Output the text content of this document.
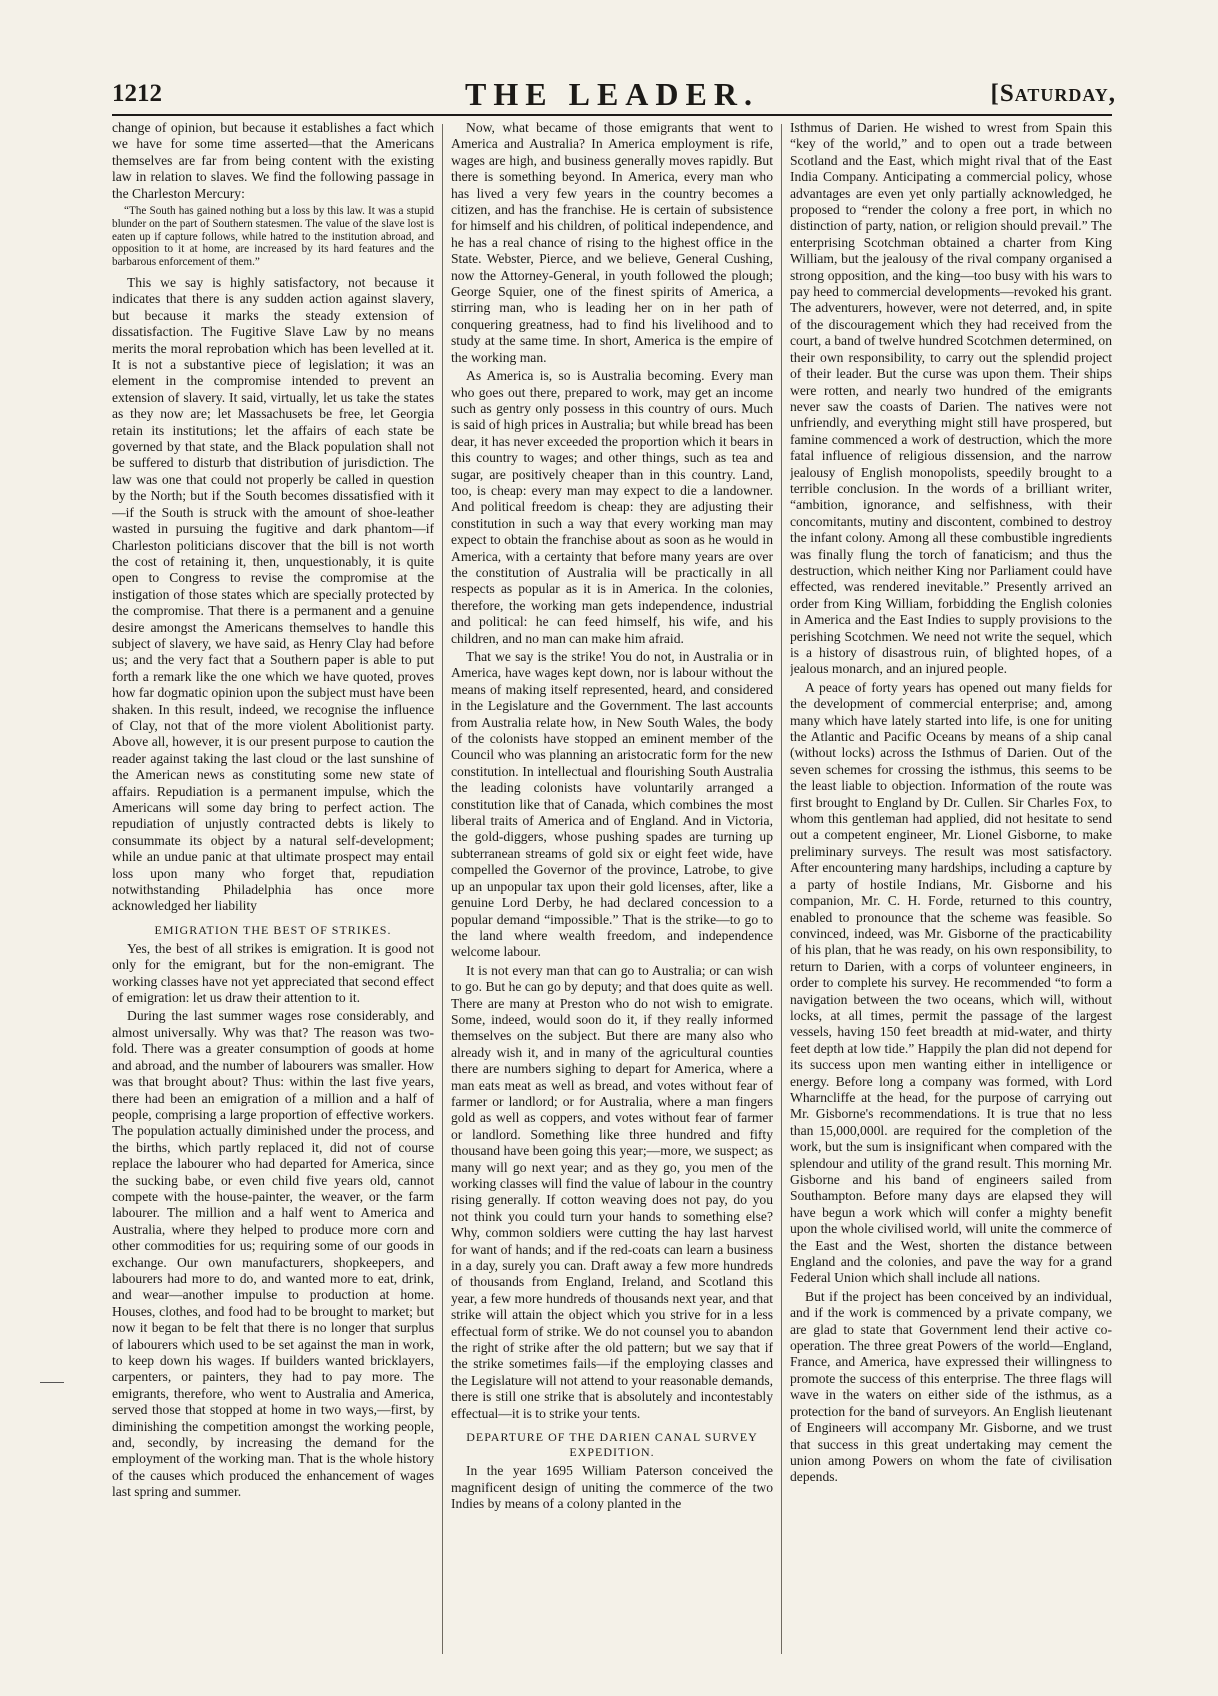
1212	THE LEADER.	[Saturday,

change of opinion, but because it establishes a fact which we have for some time asserted—that the Americans themselves are far from being content with the existing law in relation to slaves. We find the following passage in the Charleston Mercury:

“The South has gained nothing but a loss by this law. It was a stupid blunder on the part of Southern statesmen. The value of the slave lost is eaten up if capture follows, while hatred to the institution abroad, and opposition to it at home, are increased by its hard features and the barbarous enforcement of them.”

This we say is highly satisfactory, not because it indicates that there is any sudden action against slavery, but because it marks the steady extension of dissatisfaction. The Fugitive Slave Law by no means merits the moral reprobation which has been levelled at it. It is not a substantive piece of legislation; it was an element in the compromise intended to prevent an extension of slavery. It said, virtually, let us take the states as they now are; let Massachusets be free, let Georgia retain its institutions; let the affairs of each state be governed by that state, and the Black population shall not be suffered to disturb that distribution of jurisdiction. The law was one that could not properly be called in question by the North; but if the South becomes dissatisfied with it—if the South is struck with the amount of shoe-leather wasted in pursuing the fugitive and dark phantom—if Charleston politicians discover that the bill is not worth the cost of retaining it, then, unquestionably, it is quite open to Congress to revise the compromise at the instigation of those states which are specially protected by the compromise. That there is a permanent and a genuine desire amongst the Americans themselves to handle this subject of slavery, we have said, as Henry Clay had before us; and the very fact that a Southern paper is able to put forth a remark like the one which we have quoted, proves how far dogmatic opinion upon the subject must have been shaken. In this result, indeed, we recognise the influence of Clay, not that of the more violent Abolitionist party. Above all, however, it is our present purpose to caution the reader against taking the last cloud or the last sunshine of the American news as constituting some new state of affairs. Repudiation is a permanent impulse, which the Americans will some day bring to perfect action. The repudiation of unjustly contracted debts is likely to consummate its object by a natural self-development; while an undue panic at that ultimate prospect may entail loss upon many who forget that, repudiation notwithstanding Philadelphia has once more acknowledged her liability

EMIGRATION THE BEST OF STRIKES.

Yes, the best of all strikes is emigration. It is good not only for the emigrant, but for the non-emigrant. The working classes have not yet appreciated that second effect of emigration: let us draw their attention to it.

During the last summer wages rose considerably, and almost universally. Why was that? The reason was two-fold. There was a greater consumption of goods at home and abroad, and the number of labourers was smaller. How was that brought about? Thus: within the last five years, there had been an emigration of a million and a half of people, comprising a large proportion of effective workers. The population actually diminished under the process, and the births, which partly replaced it, did not of course replace the labourer who had departed for America, since the sucking babe, or even child five years old, cannot compete with the house-painter, the weaver, or the farm labourer. The million and a half went to America and Australia, where they helped to produce more corn and other commodities for us; requiring some of our goods in exchange. Our own manufacturers, shopkeepers, and labourers had more to do, and wanted more to eat, drink, and wear—another impulse to production at home. Houses, clothes, and food had to be brought to market; but now it began to be felt that there is no longer that surplus of labourers which used to be set against the man in work, to keep down his wages. If builders wanted bricklayers, carpenters, or painters, they had to pay more. The emigrants, therefore, who went to Australia and America, served those that stopped at home in two ways,—first, by diminishing the competition amongst the working people, and, secondly, by increasing the demand for the employment of the working man. That is the whole history of the causes which produced the enhancement of wages last spring and summer.

Now, what became of those emigrants that went to America and Australia? In America employment is rife, wages are high, and business generally moves rapidly. But there is something beyond. In America, every man who has lived a very few years in the country becomes a citizen, and has the franchise. He is certain of subsistence for himself and his children, of political independence, and he has a real chance of rising to the highest office in the State. Webster, Pierce, and we believe, General Cushing, now the Attorney-General, in youth followed the plough; George Squier, one of the finest spirits of America, a stirring man, who is leading her on in her path of conquering greatness, had to find his livelihood and to study at the same time. In short, America is the empire of the working man.

As America is, so is Australia becoming. Every man who goes out there, prepared to work, may get an income such as gentry only possess in this country of ours. Much is said of high prices in Australia; but while bread has been dear, it has never exceeded the proportion which it bears in this country to wages; and other things, such as tea and sugar, are positively cheaper than in this country. Land, too, is cheap: every man may expect to die a landowner. And political freedom is cheap: they are adjusting their constitution in such a way that every working man may expect to obtain the franchise about as soon as he would in America, with a certainty that before many years are over the constitution of Australia will be practically in all respects as popular as it is in America. In the colonies, therefore, the working man gets independence, industrial and political: he can feed himself, his wife, and his children, and no man can make him afraid.

That we say is the strike! You do not, in Australia or in America, have wages kept down, nor is labour without the means of making itself represented, heard, and considered in the Legislature and the Government. The last accounts from Australia relate how, in New South Wales, the body of the colonists have stopped an eminent member of the Council who was planning an aristocratic form for the new constitution. In intellectual and flourishing South Australia the leading colonists have voluntarily arranged a constitution like that of Canada, which combines the most liberal traits of America and of England. And in Victoria, the gold-diggers, whose pushing spades are turning up subterranean streams of gold six or eight feet wide, have compelled the Governor of the province, Latrobe, to give up an unpopular tax upon their gold licenses, after, like a genuine Lord Derby, he had declared concession to a popular demand “impossible.” That is the strike—to go to the land where wealth freedom, and independence welcome labour.

It is not every man that can go to Australia; or can wish to go. But he can go by deputy; and that does quite as well. There are many at Preston who do not wish to emigrate. Some, indeed, would soon do it, if they really informed themselves on the subject. But there are many also who already wish it, and in many of the agricultural counties there are numbers sighing to depart for America, where a man eats meat as well as bread, and votes without fear of farmer or landlord; or for Australia, where a man fingers gold as well as coppers, and votes without fear of farmer or landlord. Something like three hundred and fifty thousand have been going this year;—more, we suspect; as many will go next year; and as they go, you men of the working classes will find the value of labour in the country rising generally. If cotton weaving does not pay, do you not think you could turn your hands to something else? Why, common soldiers were cutting the hay last harvest for want of hands; and if the red-coats can learn a business in a day, surely you can. Draft away a few more hundreds of thousands from England, Ireland, and Scotland this year, a few more hundreds of thousands next year, and that strike will attain the object which you strive for in a less effectual form of strike. We do not counsel you to abandon the right of strike after the old pattern; but we say that if the strike sometimes fails—if the employing classes and the Legislature will not attend to your reasonable demands, there is still one strike that is absolutely and incontestably effectual—it is to strike your tents.

DEPARTURE OF THE DARIEN CANAL SURVEY EXPEDITION.

In the year 1695 William Paterson conceived the magnificent design of uniting the commerce of the two Indies by means of a colony planted in the

Isthmus of Darien. He wished to wrest from Spain this “key of the world,” and to open out a trade between Scotland and the East, which might rival that of the East India Company. Anticipating a commercial policy, whose advantages are even yet only partially acknowledged, he proposed to “render the colony a free port, in which no distinction of party, nation, or religion should prevail.” The enterprising Scotchman obtained a charter from King William, but the jealousy of the rival company organised a strong opposition, and the king—too busy with his wars to pay heed to commercial developments—revoked his grant. The adventurers, however, were not deterred, and, in spite of the discouragement which they had received from the court, a band of twelve hundred Scotchmen determined, on their own responsibility, to carry out the splendid project of their leader. But the curse was upon them. Their ships were rotten, and nearly two hundred of the emigrants never saw the coasts of Darien. The natives were not unfriendly, and everything might still have prospered, but famine commenced a work of destruction, which the more fatal influence of religious dissension, and the narrow jealousy of English monopolists, speedily brought to a terrible conclusion. In the words of a brilliant writer, “ambition, ignorance, and selfishness, with their concomitants, mutiny and discontent, combined to destroy the infant colony. Among all these combustible ingredients was finally flung the torch of fanaticism; and thus the destruction, which neither King nor Parliament could have effected, was rendered inevitable.” Presently arrived an order from King William, forbidding the English colonies in America and the East Indies to supply provisions to the perishing Scotchmen. We need not write the sequel, which is a history of disastrous ruin, of blighted hopes, of a jealous monarch, and an injured people.

A peace of forty years has opened out many fields for the development of commercial enterprise; and, among many which have lately started into life, is one for uniting the Atlantic and Pacific Oceans by means of a ship canal (without locks) across the Isthmus of Darien. Out of the seven schemes for crossing the isthmus, this seems to be the least liable to objection. Information of the route was first brought to England by Dr. Cullen. Sir Charles Fox, to whom this gentleman had applied, did not hesitate to send out a competent engineer, Mr. Lionel Gisborne, to make preliminary surveys. The result was most satisfactory. After encountering many hardships, including a capture by a party of hostile Indians, Mr. Gisborne and his companion, Mr. C. H. Forde, returned to this country, enabled to pronounce that the scheme was feasible. So convinced, indeed, was Mr. Gisborne of the practicability of his plan, that he was ready, on his own responsibility, to return to Darien, with a corps of volunteer engineers, in order to complete his survey. He recommended “to form a navigation between the two oceans, which will, without locks, at all times, permit the passage of the largest vessels, having 150 feet breadth at mid-water, and thirty feet depth at low tide.” Happily the plan did not depend for its success upon men wanting either in intelligence or energy. Before long a company was formed, with Lord Wharncliffe at the head, for the purpose of carrying out Mr. Gisborne's recommendations. It is true that no less than 15,000,000l. are required for the completion of the work, but the sum is insignificant when compared with the splendour and utility of the grand result. This morning Mr. Gisborne and his band of engineers sailed from Southampton. Before many days are elapsed they will have begun a work which will confer a mighty benefit upon the whole civilised world, will unite the commerce of the East and the West, shorten the distance between England and the colonies, and pave the way for a grand Federal Union which shall include all nations.

But if the project has been conceived by an individual, and if the work is commenced by a private company, we are glad to state that Government lend their active co-operation. The three great Powers of the world—England, France, and America, have expressed their willingness to promote the success of this enterprise. The three flags will wave in the waters on either side of the isthmus, as a protection for the band of surveyors. An English lieutenant of Engineers will accompany Mr. Gisborne, and we trust that success in this great undertaking may cement the union among Powers on whom the fate of civilisation depends.
